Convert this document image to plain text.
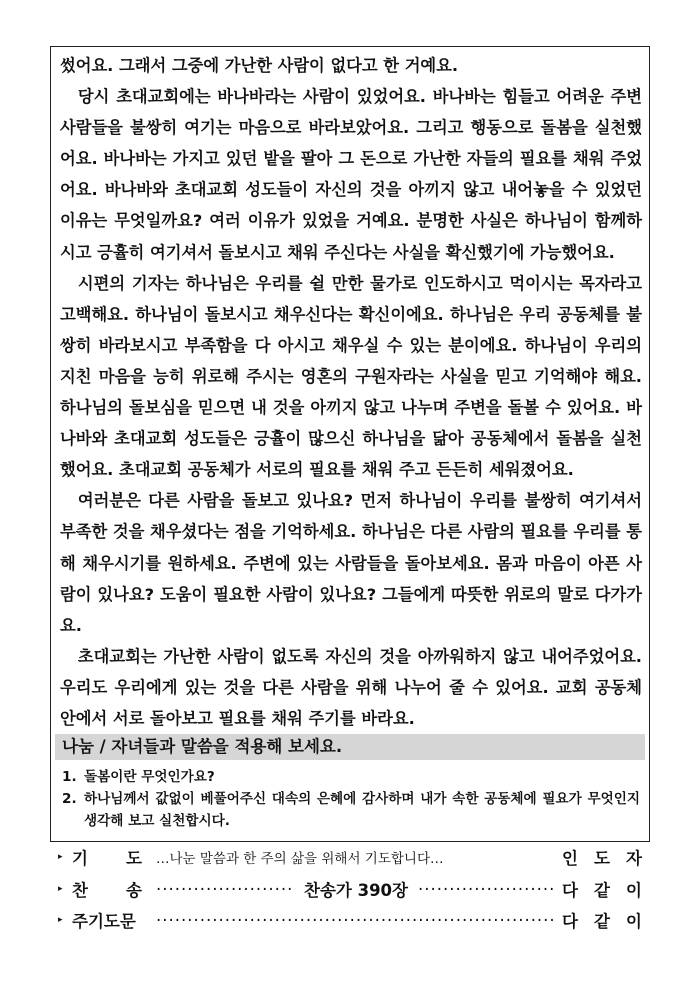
썼어요. 그래서 그중에 가난한 사람이 없다고 한 거예요.

당시 초대교회에는 바나바라는 사람이 있었어요. 바나바는 힘들고 어려운 주변 사람들을 불쌍히 여기는 마음으로 바라보았어요. 그리고 행동으로 돌봄을 실천했어요. 바나바는 가지고 있던 밭을 팔아 그 돈으로 가난한 자들의 필요를 채워 주었어요. 바나바와 초대교회 성도들이 자신의 것을 아끼지 않고 내어놓을 수 있었던 이유는 무엇일까요? 여러 이유가 있었을 거예요. 분명한 사실은 하나님이 함께하시고 긍휼히 여기셔서 돌보시고 채워 주신다는 사실을 확신했기에 가능했어요.

시편의 기자는 하나님은 우리를 쉴 만한 물가로 인도하시고 먹이시는 목자라고 고백해요. 하나님이 돌보시고 채우신다는 확신이에요. 하나님은 우리 공동체를 불쌍히 바라보시고 부족함을 다 아시고 채우실 수 있는 분이에요. 하나님이 우리의 지친 마음을 능히 위로해 주시는 영혼의 구원자라는 사실을 믿고 기억해야 해요. 하나님의 돌보심을 믿으면 내 것을 아끼지 않고 나누며 주변을 돌볼 수 있어요. 바나바와 초대교회 성도들은 긍휼이 많으신 하나님을 닮아 공동체에서 돌봄을 실천했어요. 초대교회 공동체가 서로의 필요를 채워 주고 든든히 세워졌어요.

여러분은 다른 사람을 돌보고 있나요? 먼저 하나님이 우리를 불쌍히 여기셔서 부족한 것을 채우셨다는 점을 기억하세요. 하나님은 다른 사람의 필요를 우리를 통해 채우시기를 원하세요. 주변에 있는 사람들을 돌아보세요. 몸과 마음이 아픈 사람이 있나요? 도움이 필요한 사람이 있나요? 그들에게 따뜻한 위로의 말로 다가가요.

초대교회는 가난한 사람이 없도록 자신의 것을 아까워하지 않고 내어주었어요. 우리도 우리에게 있는 것을 다른 사람을 위해 나누어 줄 수 있어요. 교회 공동체 안에서 서로 돌아보고 필요를 채워 주기를 바라요.

나눔 / 자녀들과 말씀을 적용해 보세요.
1. 돌봄이란 무엇인가요?
2. 하나님께서 값없이 베풀어주신 대속의 은혜에 감사하며 내가 속한 공동체에 필요가 무엇인지 생각해 보고 실천합시다.
▸ 기 도 …나눈 말씀과 한 주의 삶을 위해서 기도합니다…	인 도 자
▸ 찬 송 ·····	찬송가 390장 ·····	다 같 이
▸ 주 기 도 문 ·····	다 같 이
